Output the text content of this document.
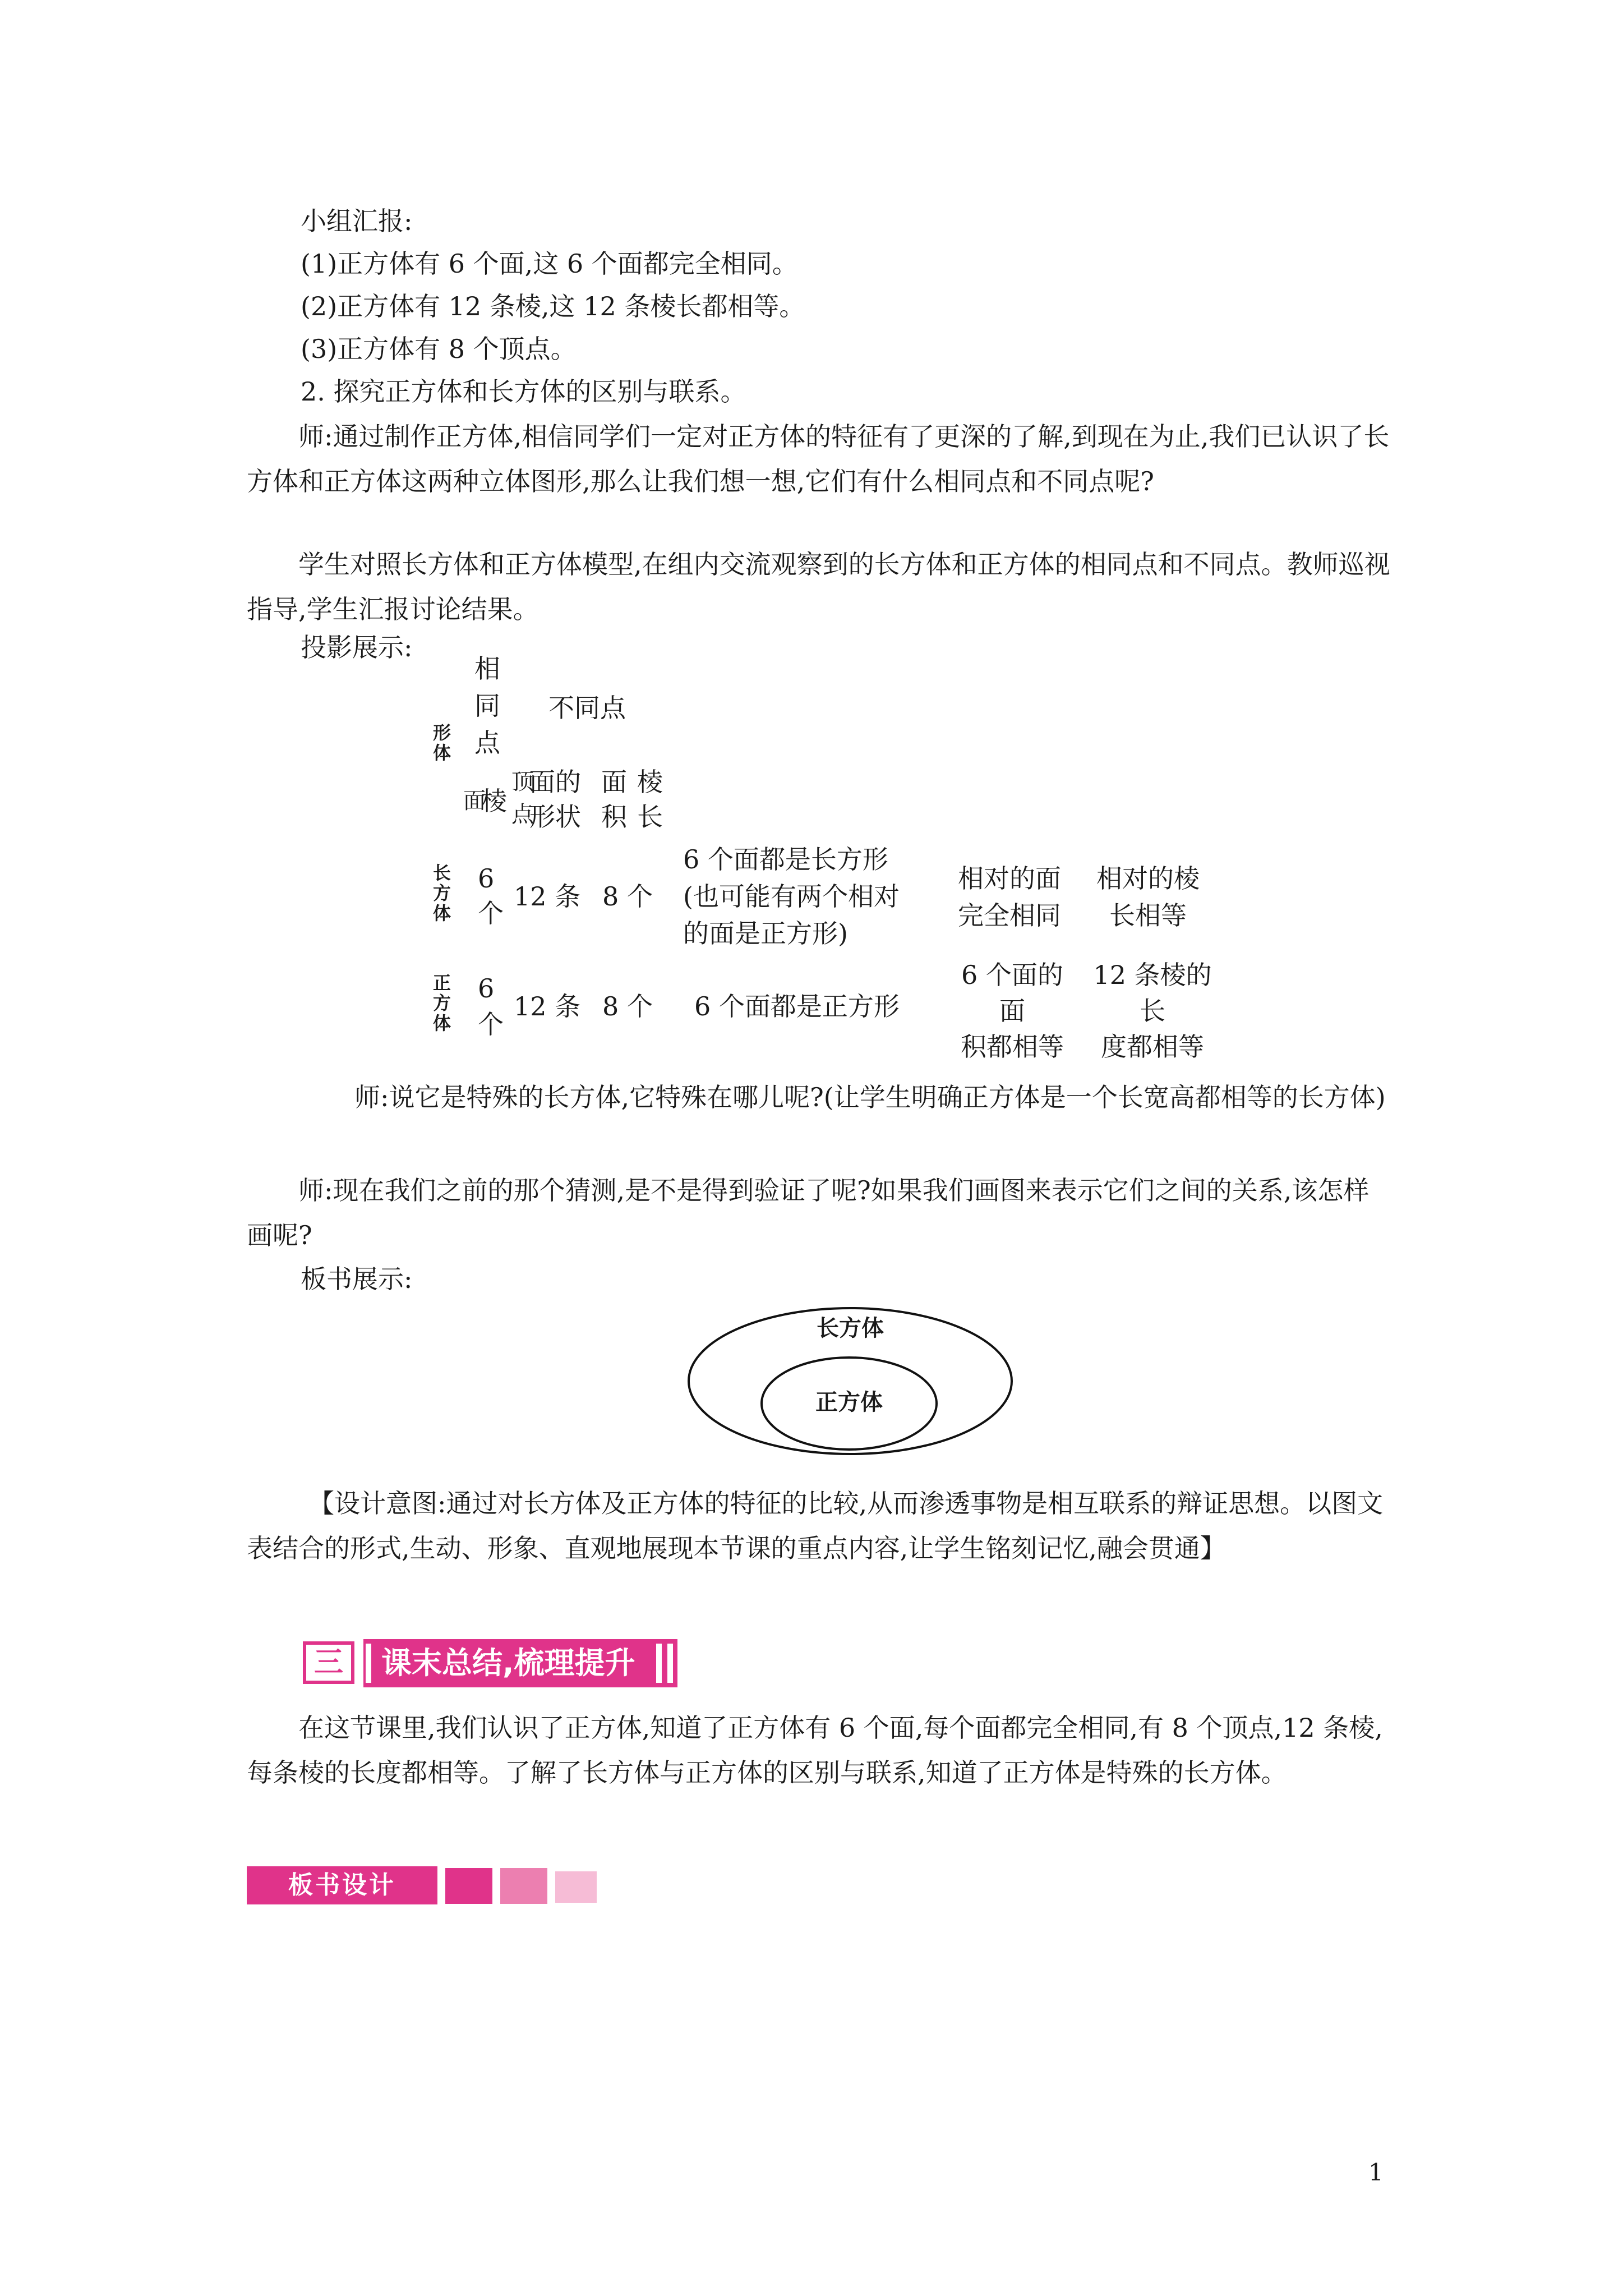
小组汇报:
(1)正方体有 6 个面,这 6 个面都完全相同。
(2)正方体有 12 条棱,这 12 条棱长都相等。
(3)正方体有 8 个顶点。
2. 探究正方体和长方体的区别与联系。

师:通过制作正方体,相信同学们一定对正方体的特征有了更深的了解,到现在为止,我们已认识了长方体和正方体这两种立体图形,那么让我们想一想,它们有什么相同点和不同点呢?

学生对照长方体和正方体模型,在组内交流观察到的长方体和正方体的相同点和不同点。教师巡视指导,学生汇报讨论结果。

投影展示:
形体
相
同
点
不同点
面
棱
顶
点
面的
形状
面
积
棱
长
长方体
6
个
12 条 8 个
6 个面都是长方形
(也可能有两个相对
的面是正方形)
相对的面
完全相同
相对的棱
长相等
正方体
6
个
12 条 8 个 6 个面都是正方形
6 个面的
面
积都相等
12 条棱的
长
度都相等

师:说它是特殊的长方体,它特殊在哪儿呢?(让学生明确正方体是一个长宽高都相等的长方体)

师:现在我们之前的那个猜测,是不是得到验证了呢?如果我们画图来表示它们之间的关系,该怎样画呢?

板书展示:
长方体
正方体

【设计意图:通过对长方体及正方体的特征的比较,从而渗透事物是相互联系的辩证思想。以图文表结合的形式,生动、形象、直观地展现本节课的重点内容,让学生铭刻记忆,融会贯通】

三	课末总结,梳理提升

在这节课里,我们认识了正方体,知道了正方体有 6 个面,每个面都完全相同,有 8 个顶点,12 条棱,每条棱的长度都相等。了解了长方体与正方体的区别与联系,知道了正方体是特殊的长方体。

板书设计
1
